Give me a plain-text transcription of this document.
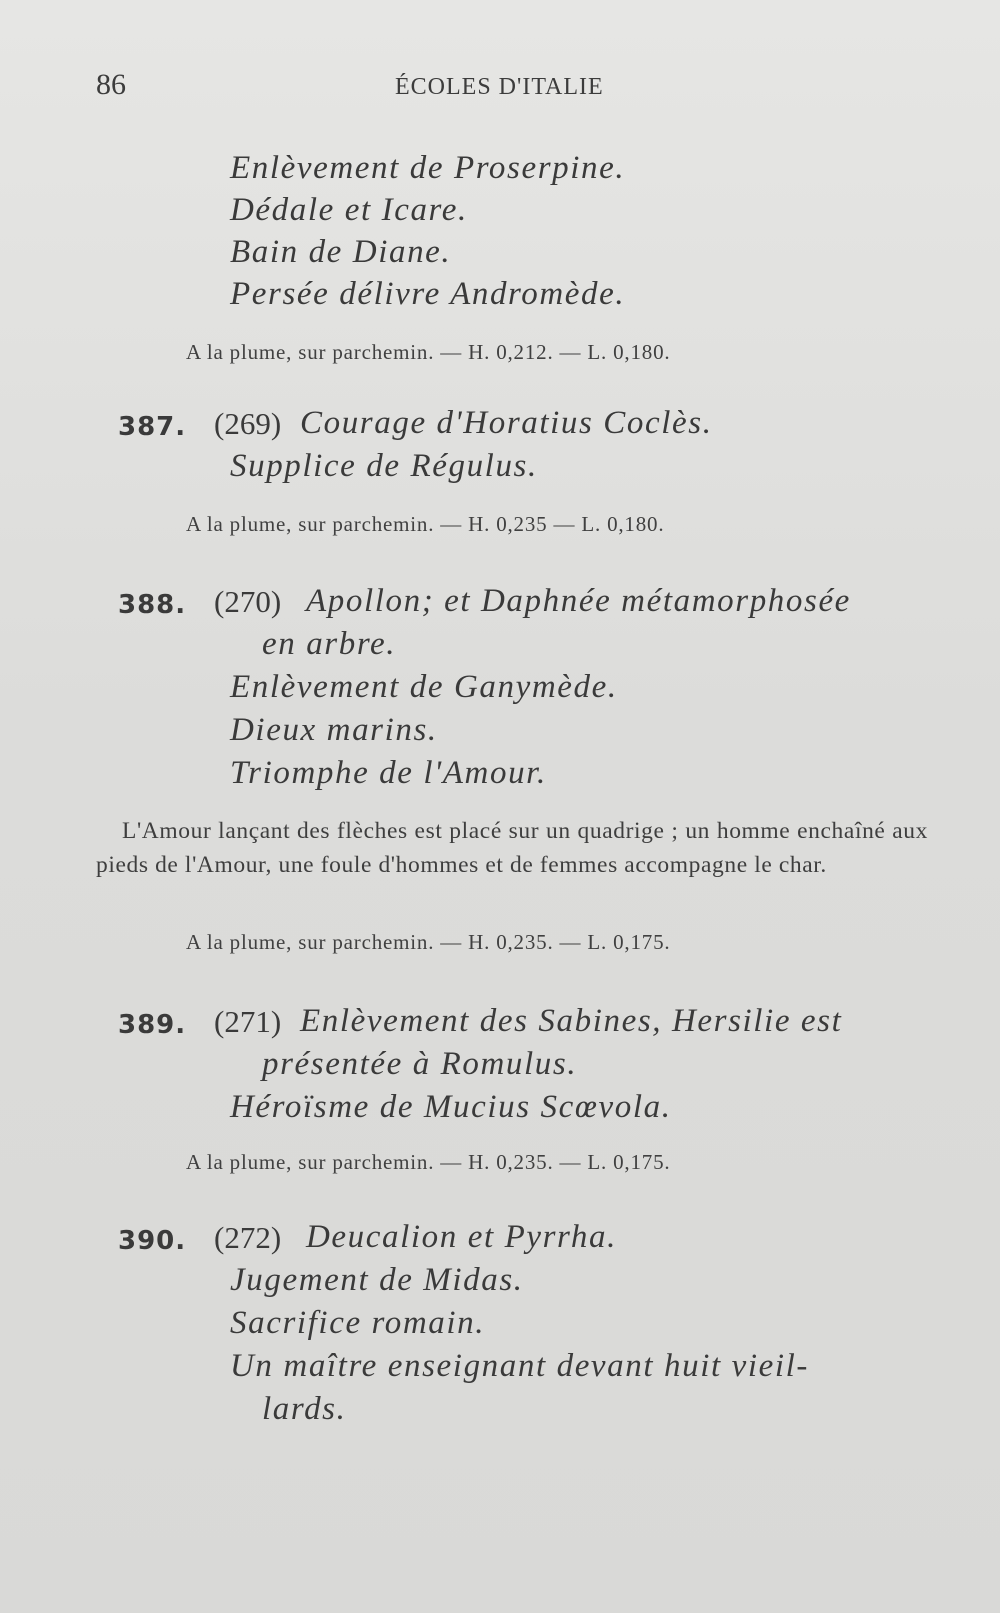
86	ÉCOLES D'ITALIE
Enlèvement de Proserpine.
Dédale et Icare.
Bain de Diane.
Persée délivre Andromède.
A la plume, sur parchemin. — H. 0,212. — L. 0,180.
387. (269) Courage d'Horatius Coclès.
Supplice de Régulus.
A la plume, sur parchemin. — H. 0,235 — L. 0,180.
388. (270) Apollon; et Daphnée métamorphosée
en arbre.
Enlèvement de Ganymède.
Dieux marins.
Triomphe de l'Amour.
L'Amour lançant des flèches est placé sur un quadrige ; un homme enchaîné aux pieds de l'Amour, une foule d'hommes et de femmes accompagne le char.
A la plume, sur parchemin. — H. 0,235. — L. 0,175.
389. (271) Enlèvement des Sabines, Hersilie est
présentée à Romulus.
Héroïsme de Mucius Scœvola.
A la plume, sur parchemin. — H. 0,235. — L. 0,175.
390. (272) Deucalion et Pyrrha.
Jugement de Midas.
Sacrifice romain.
Un maître enseignant devant huit vieil-
lards.
